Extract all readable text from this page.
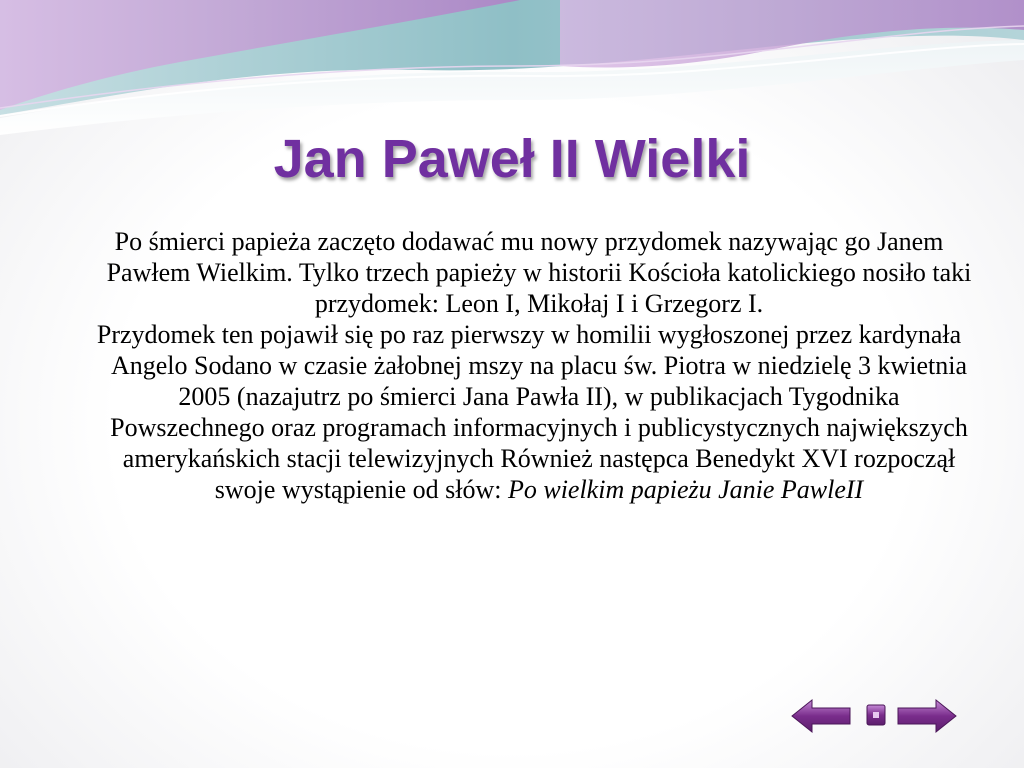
Jan Paweł II Wielki

Po śmierci papieża zaczęto dodawać mu nowy przydomek nazywając go Janem Pawłem Wielkim. Tylko trzech papieży w historii Kościoła katolickiego nosiło taki przydomek: Leon I, Mikołaj I i Grzegorz I.

Przydomek ten pojawił się po raz pierwszy w homilii wygłoszonej przez kardynała Angelo Sodano w czasie żałobnej mszy na placu św. Piotra w niedzielę 3 kwietnia 2005 (nazajutrz po śmierci Jana Pawła II), w publikacjach Tygodnika Powszechnego oraz programach informacyjnych i publicystycznych największych amerykańskich stacji telewizyjnych Również następca Benedykt XVI rozpoczął swoje wystąpienie od słów: Po wielkim papieżu Janie PawleII
